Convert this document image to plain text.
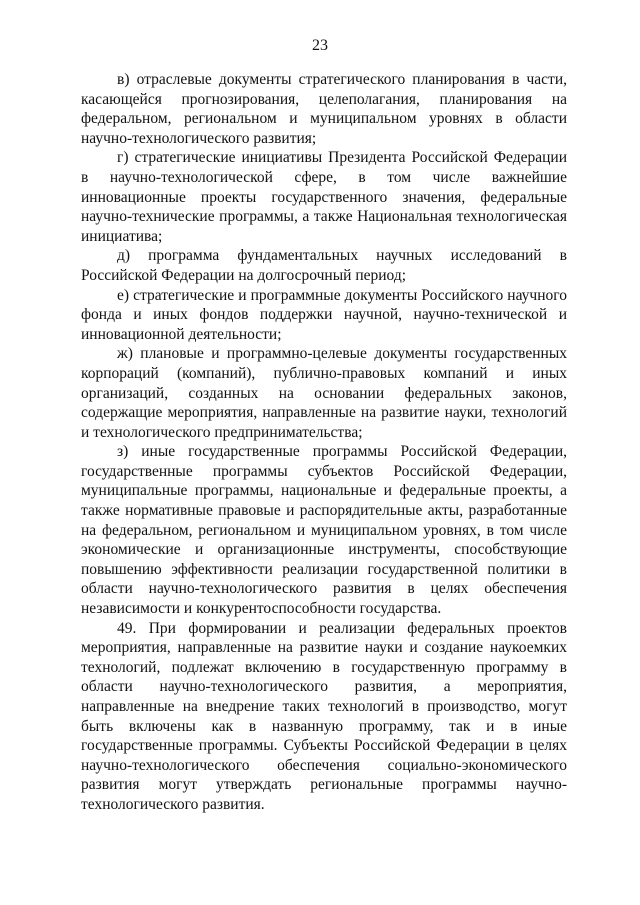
23

в) отраслевые документы стратегического планирования в части, касающейся прогнозирования, целеполагания, планирования на федеральном, региональном и муниципальном уровнях в области научно-технологического развития;

г) стратегические инициативы Президента Российской Федерации в научно-технологической сфере, в том числе важнейшие инновационные проекты государственного значения, федеральные научно-технические программы, а также Национальная технологическая инициатива;

д) программа фундаментальных научных исследований в Российской Федерации на долгосрочный период;

е) стратегические и программные документы Российского научного фонда и иных фондов поддержки научной, научно-технической и инновационной деятельности;

ж) плановые и программно-целевые документы государственных корпораций (компаний), публично-правовых компаний и иных организаций, созданных на основании федеральных законов, содержащие мероприятия, направленные на развитие науки, технологий и технологического предпринимательства;

з) иные государственные программы Российской Федерации, государственные программы субъектов Российской Федерации, муниципальные программы, национальные и федеральные проекты, а также нормативные правовые и распорядительные акты, разработанные на федеральном, региональном и муниципальном уровнях, в том числе экономические и организационные инструменты, способствующие повышению эффективности реализации государственной политики в области научно-технологического развития в целях обеспечения независимости и конкурентоспособности государства.

49. При формировании и реализации федеральных проектов мероприятия, направленные на развитие науки и создание наукоемких технологий, подлежат включению в государственную программу в области научно-технологического развития, а мероприятия, направленные на внедрение таких технологий в производство, могут быть включены как в названную программу, так и в иные государственные программы. Субъекты Российской Федерации в целях научно-технологического обеспечения социально-экономического развития могут утверждать региональные программы научно-технологического развития.
